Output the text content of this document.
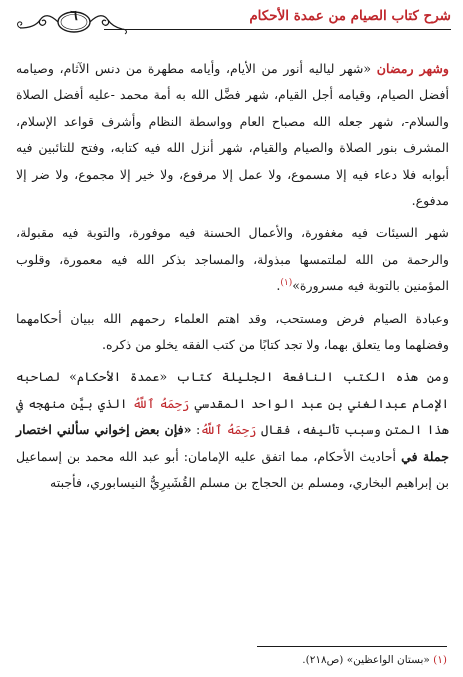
شرح كتاب الصيام من عمدة الأحكام
٦

وشهر رمضان «شهر لياليه أنور من الأيام، وأيامه مطهرة من دنس الآثام، وصيامه أفضل الصيام، وقيامه أجل القيام، شهر فضَّل الله به أمة محمد -عليه أفضل الصلاة والسلام-، شهر جعله الله مصباح العام وواسطة النظام وأشرف قواعد الإسلام، المشرف بنور الصلاة والصيام والقيام، شهر أنزل الله فيه كتابه، وفتح للتائبين فيه أبوابه فلا دعاء فيه إلا مسموع، ولا عمل إلا مرفوع، ولا خير إلا مجموع، ولا ضر إلا مدفوع.

شهر السيئات فيه مغفورة، والأعمال الحسنة فيه موفورة، والتوبة فيه مقبولة، والرحمة من الله لملتمسها مبذولة، والمساجد بذكر الله فيه معمورة، وقلوب المؤمنين بالتوبة فيه مسرورة»$^{(١)}$.

وعبادة الصيام فرض ومستحب، وقد اهتم العلماء رحمهم الله ببيان أحكامهما وفضلهما وما يتعلق بهما، ولا تجد كتابًا من كتب الفقه يخلو من ذكره.

ومن هذه الكتب النافعة الجليلة كتاب «عمدة الأحكام» لصاحبه الإمام عبدالغني بن عبد الواحد المقدسي رَحِمَهُ ٱللَّهُ الذي بيَّن منهجه في هذا المتن وسبب تأليفه، فقال رَحِمَهُ ٱللَّهُ: «فإن بعض إخواني سألني اختصار جملة في أحاديث الأحكام، مما اتفق عليه الإمامان: أبو عبد الله محمد بن إسماعيل بن إبراهيم البخاري، ومسلم بن الحجاج بن مسلم القُشَيرِيُّ النيسابوري، فأجبته

(١) «بستان الواعظين» (ص٢١٨).
